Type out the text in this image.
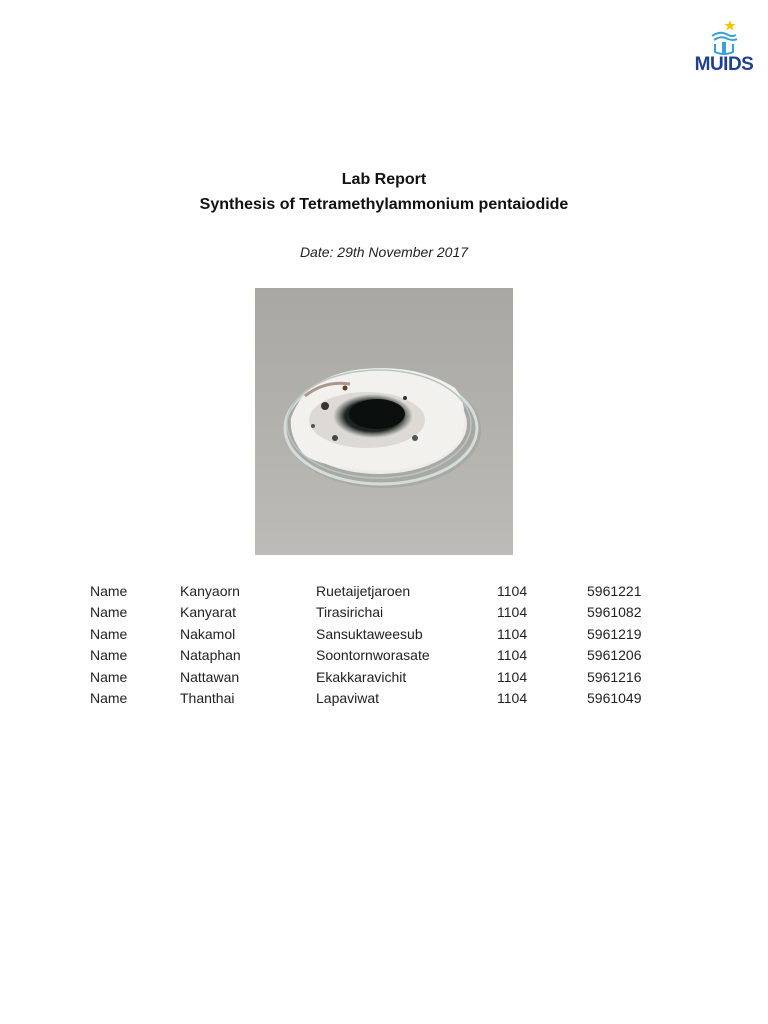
MUIDS
Lab Report
Synthesis of Tetramethylammonium pentaiodide
Date: 29th November 2017
Name	Kanyaorn	Ruetaijetjaroen	1104	5961221
Name	Kanyarat	Tirasirichai	1104	5961082
Name	Nakamol	Sansuktaweesub	1104	5961219
Name	Nataphan	Soontornworasate	1104	5961206
Name	Nattawan	Ekakkaravichit	1104	5961216
Name	Thanthai	Lapaviwat	1104	5961049
